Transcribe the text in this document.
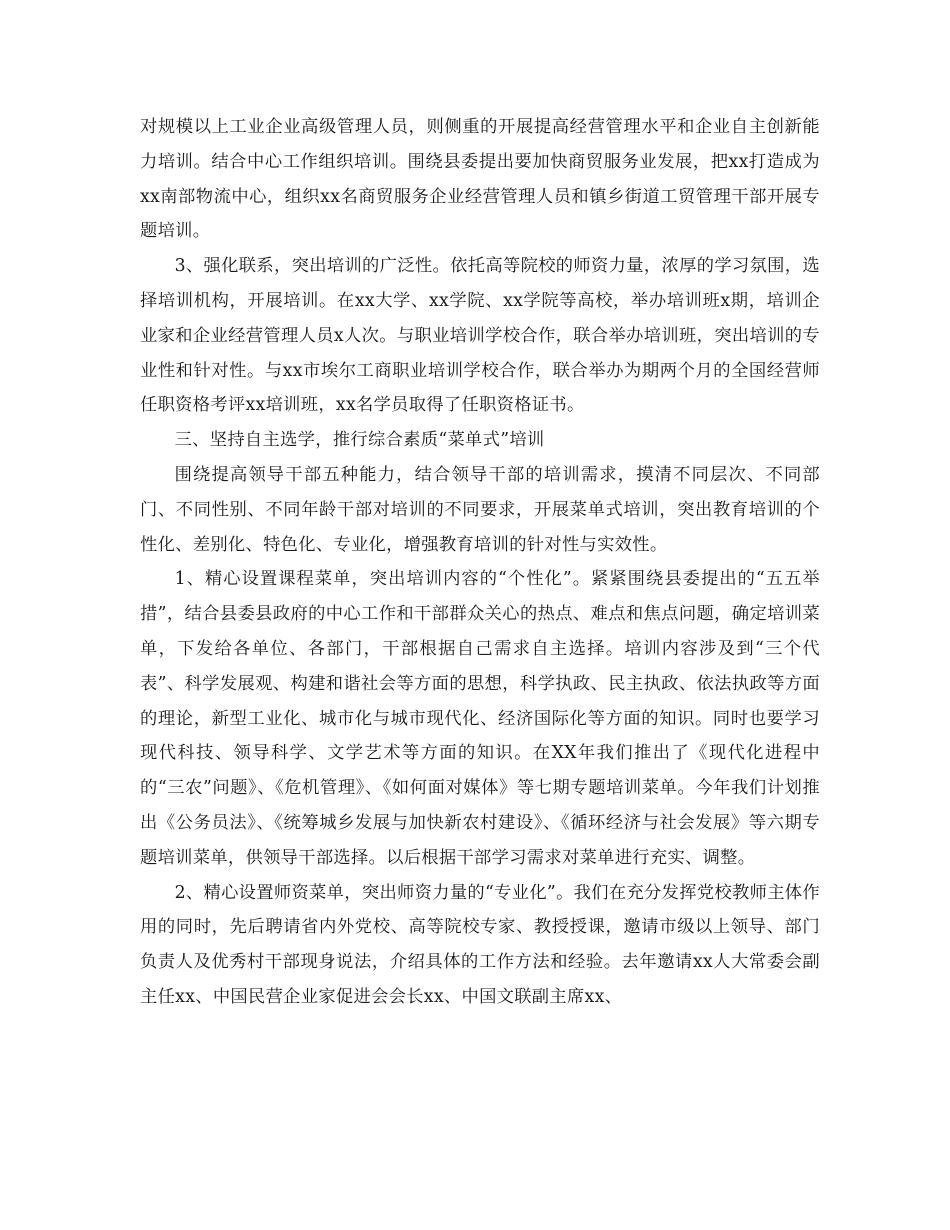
对规模以上工业企业高级管理人员，则侧重的开展提高经营管理水平和企业自主创新能力培训。结合中心工作组织培训。围绕县委提出要加快商贸服务业发展，把xx打造成为xx南部物流中心，组织xx名商贸服务企业经营管理人员和镇乡街道工贸管理干部开展专题培训。

3、强化联系，突出培训的广泛性。依托高等院校的师资力量，浓厚的学习氛围，选择培训机构，开展培训。在xx大学、xx学院、xx学院等高校，举办培训班x期，培训企业家和企业经营管理人员x人次。与职业培训学校合作，联合举办培训班，突出培训的专业性和针对性。与xx市埃尔工商职业培训学校合作，联合举办为期两个月的全国经营师任职资格考评xx培训班，xx名学员取得了任职资格证书。

三、坚持自主选学，推行综合素质“菜单式”培训

围绕提高领导干部五种能力，结合领导干部的培训需求，摸清不同层次、不同部门、不同性别、不同年龄干部对培训的不同要求，开展菜单式培训，突出教育培训的个性化、差别化、特色化、专业化，增强教育培训的针对性与实效性。

1、精心设置课程菜单，突出培训内容的“个性化”。紧紧围绕县委提出的“五五举措”，结合县委县政府的中心工作和干部群众关心的热点、难点和焦点问题，确定培训菜单，下发给各单位、各部门，干部根据自己需求自主选择。培训内容涉及到“三个代表”、科学发展观、构建和谐社会等方面的思想，科学执政、民主执政、依法执政等方面的理论，新型工业化、城市化与城市现代化、经济国际化等方面的知识。同时也要学习现代科技、领导科学、文学艺术等方面的知识。在XX年我们推出了《现代化进程中的“三农”问题》、《危机管理》、《如何面对媒体》等七期专题培训菜单。今年我们计划推出《公务员法》、《统筹城乡发展与加快新农村建设》、《循环经济与社会发展》等六期专题培训菜单，供领导干部选择。以后根据干部学习需求对菜单进行充实、调整。

2、精心设置师资菜单，突出师资力量的“专业化”。我们在充分发挥党校教师主体作用的同时，先后聘请省内外党校、高等院校专家、教授授课，邀请市级以上领导、部门负责人及优秀村干部现身说法，介绍具体的工作方法和经验。去年邀请xx人大常委会副主任xx、中国民营企业家促进会会长xx、中国文联副主席xx、
